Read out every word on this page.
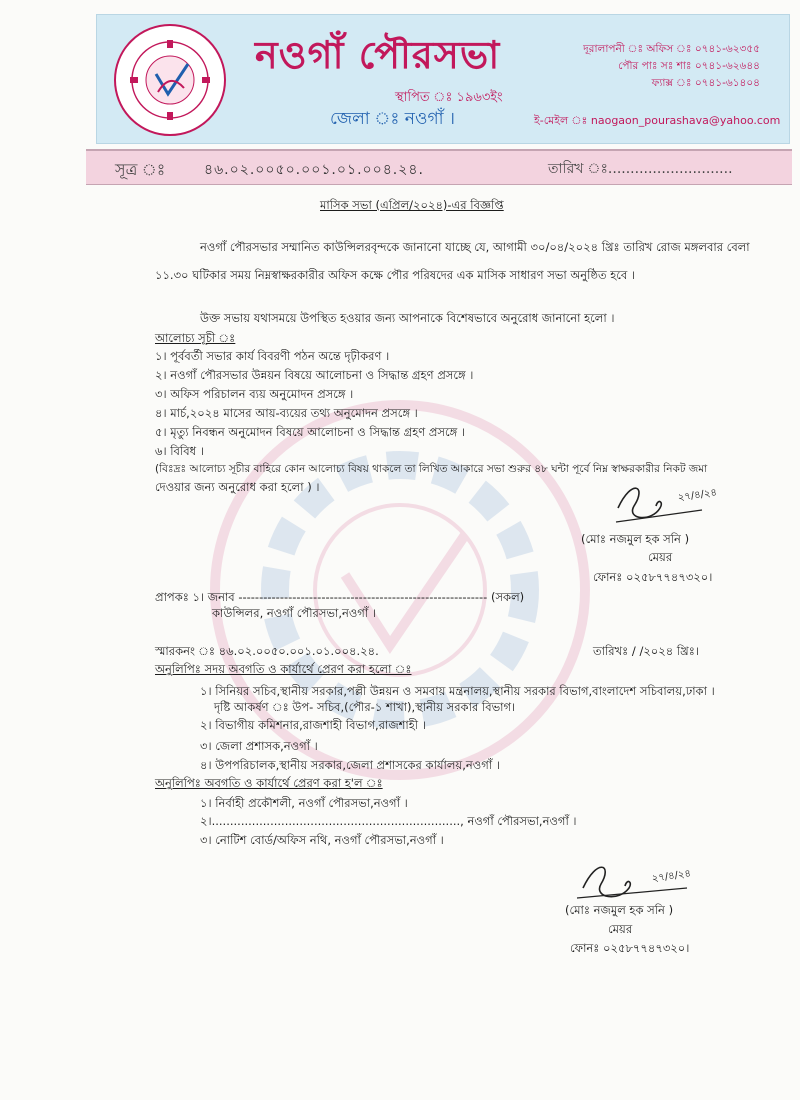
নওগাঁ পৌরসভা
স্থাপিত ঃ ১৯৬৩ইং
জেলা ঃ নওগাঁ ।
দূরালাপনী ঃ অফিস ঃ ০৭৪১-৬২৩৫৫
পৌর পাঃ সঃ শাঃ ০৭৪১-৬২৬৪৪
ফ্যাক্স ঃ ০৭৪১-৬১৪০৪
ই-মেইল ঃ naogaon_pourashava@yahoo.com
সূত্র ঃ	৪৬.০২.০০৫০.০০১.০১.০০৪.২৪.	তারিখ ঃ............................
মাসিক সভা (এপ্রিল/২০২৪)-এর বিজ্ঞপ্তি
নওগাঁ পৌরসভার সম্মানিত কাউন্সিলরবৃন্দকে জানানো যাচ্ছে যে, আগামী ৩০/০৪/২০২৪ খ্রিঃ তারিখ রোজ মঙ্গলবার বেলা
১১.৩০ ঘটিকার সময় নিম্নস্বাক্ষরকারীর অফিস কক্ষে পৌর পরিষদের এক মাসিক সাধারণ সভা অনুষ্ঠিত হবে ।
উক্ত সভায় যথাসময়ে উপস্থিত হওয়ার জন্য আপনাকে বিশেষভাবে অনুরোধ জানানো হলো ।
আলোচ্য সূচী ঃ
১। পূর্ববর্তী সভার কার্য বিবরণী পঠন অন্তে দৃঢ়ীকরণ ।
২। নওগাঁ পৌরসভার উন্নয়ন বিষয়ে আলোচনা ও সিদ্ধান্ত গ্রহণ প্রসঙ্গে ।
৩। অফিস পরিচালন ব্যয় অনুমোদন প্রসঙ্গে ।
৪। মার্চ,২০২৪ মাসের আয়-ব্যয়ের তথ্য অনুমোদন প্রসঙ্গে ।
৫। মৃত্যু নিবন্ধন অনুমোদন বিষয়ে আলোচনা ও সিদ্ধান্ত গ্রহণ প্রসঙ্গে ।
৬। বিবিধ ।
(বিঃদ্রঃ আলোচ্য সূচীর বাহিরে কোন আলোচ্য বিষয় থাকলে তা লিখিত আকারে সভা শুরুর ৪৮ ঘন্টা পূর্বে নিম্ন স্বাক্ষরকারীর নিকট জমা
দেওয়ার জন্য অনুরোধ করা হলো ) ।
২৭/৪/২৪
(মোঃ নজমুল হক সনি )
মেয়র
ফোনঃ ০২৫৮৭৭৪৭৩২০।
প্রাপকঃ ১। জনাব ------------------------------------------------------------ (সকল)
কাউন্সিলর, নওগাঁ পৌরসভা,নওগাঁ ।
স্মারকনং ঃ ৪৬.০২.০০৫০.০০১.০১.০০৪.২৪.	তারিখঃ / /২০২৪ খ্রিঃ।
অনুলিপিঃ সদয় অবগতি ও কার্যার্থে প্রেরণ করা হলো ঃ
১। সিনিয়র সচিব,স্থানীয় সরকার,পল্লী উন্নয়ন ও সমবায় মন্ত্রনালয়,স্থানীয় সরকার বিভাগ,বাংলাদেশ সচিবালয়,ঢাকা ।
দৃষ্টি আকর্ষণ ঃ উপ- সচিব,(পৌর-১ শাখা),স্থানীয় সরকার বিভাগ।
২। বিভাগীয় কমিশনার,রাজশাহী বিভাগ,রাজশাহী ।
৩। জেলা প্রশাসক,নওগাঁ ।
৪। উপপরিচালক,স্থানীয় সরকার,জেলা প্রশাসকের কার্যালয়,নওগাঁ ।
অনুলিপিঃ অবগতি ও কার্যার্থে প্রেরণ করা হ'ল ঃ
১। নির্বাহী প্রকৌশলী, নওগাঁ পৌরসভা,নওগাঁ ।
২।...................................................................., নওগাঁ পৌরসভা,নওগাঁ ।
৩। নোটিশ বোর্ড/অফিস নথি, নওগাঁ পৌরসভা,নওগাঁ ।
২৭/৪/২৪
(মোঃ নজমুল হক সনি )
মেয়র
ফোনঃ ০২৫৮৭৭৪৭৩২০।
